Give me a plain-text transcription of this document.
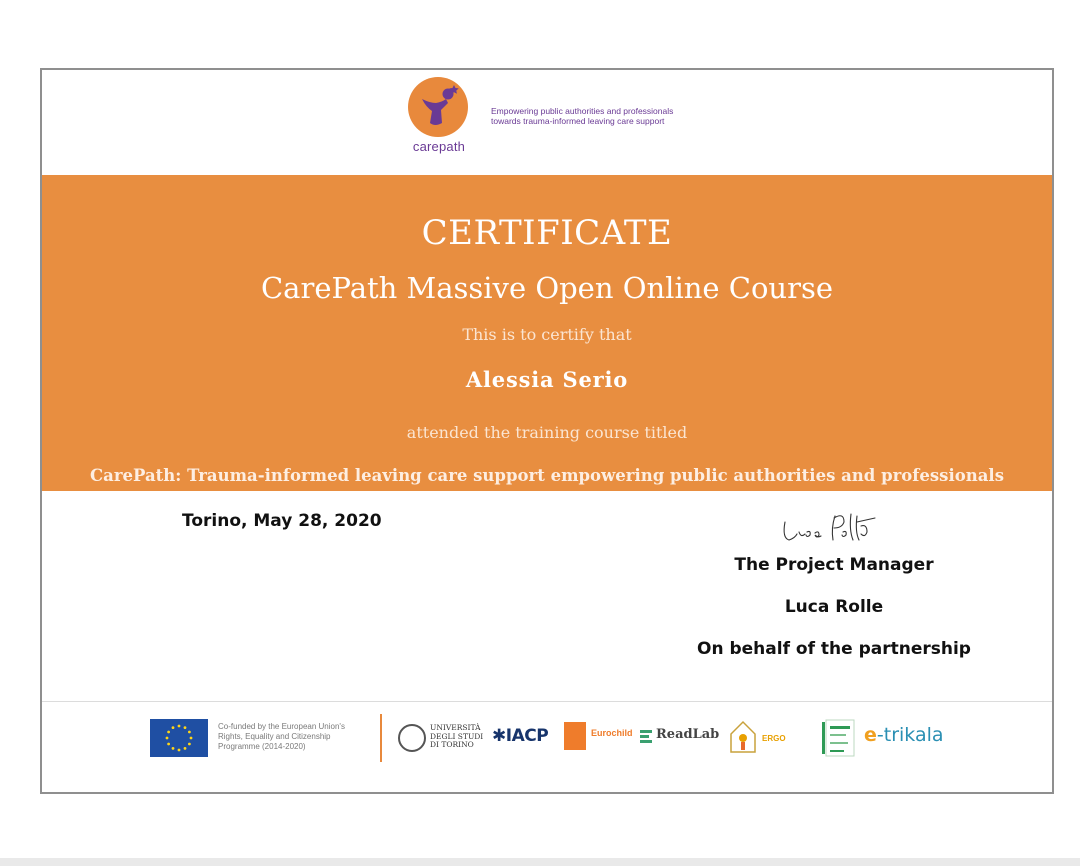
carepath
Empowering public authorities and professionals
towards trauma-informed leaving care support
CERTIFICATE
CarePath Massive Open Online Course
This is to certify that
Alessia Serio
attended the training course titled
CarePath: Trauma-informed leaving care support empowering public authorities and professionals
Torino, May 28, 2020
The Project Manager
Luca Rolle
On behalf of the partnership
Co-funded by the European Union's
Rights, Equality and Citizenship
Programme (2014-2020)
UNIVERSITÀ
DEGLI STUDI
DI TORINO	✱IACP	Eurochild ReadLab	ERGO	e-trikala
